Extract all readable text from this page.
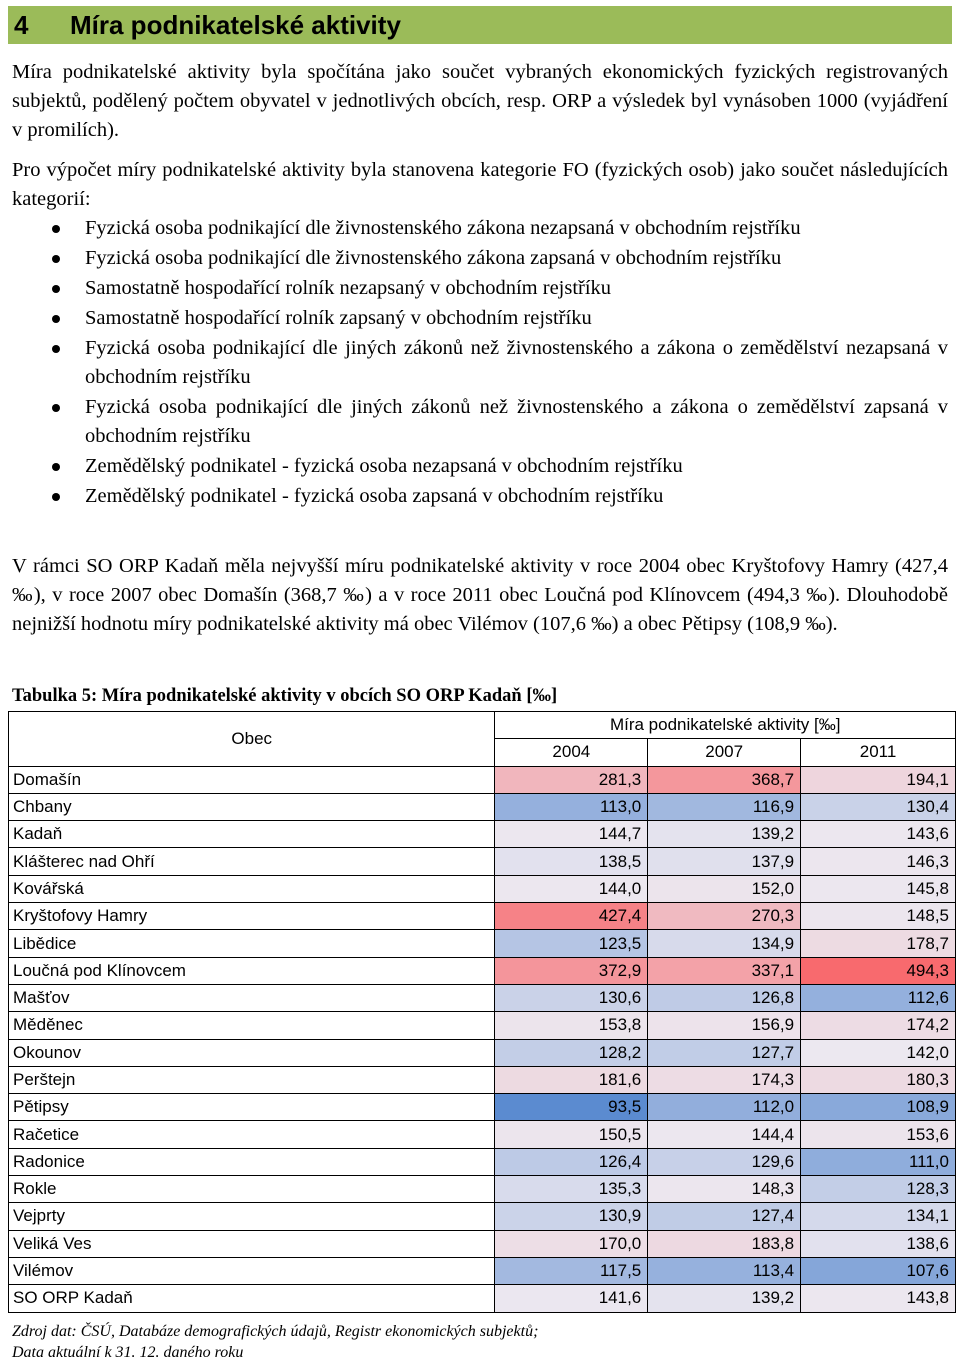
4	Míra podnikatelské aktivity
Míra podnikatelské aktivity byla spočítána jako součet vybraných ekonomických fyzických registrovaných subjektů, podělený počtem obyvatel v jednotlivých obcích, resp. ORP a výsledek byl vynásoben 1000 (vyjádření v promilích).
Pro výpočet míry podnikatelské aktivity byla stanovena kategorie FO (fyzických osob) jako součet následujících kategorií:
Fyzická osoba podnikající dle živnostenského zákona nezapsaná v obchodním rejstříku
Fyzická osoba podnikající dle živnostenského zákona zapsaná v obchodním rejstříku
Samostatně hospodařící rolník nezapsaný v obchodním rejstříku
Samostatně hospodařící rolník zapsaný v obchodním rejstříku
Fyzická osoba podnikající dle jiných zákonů než živnostenského a zákona o zemědělství nezapsaná v obchodním rejstříku
Fyzická osoba podnikající dle jiných zákonů než živnostenského a zákona o zemědělství zapsaná v obchodním rejstříku
Zemědělský podnikatel - fyzická osoba nezapsaná v obchodním rejstříku
Zemědělský podnikatel - fyzická osoba zapsaná v obchodním rejstříku
V rámci SO ORP Kadaň měla nejvyšší míru podnikatelské aktivity v roce 2004 obec Kryštofovy Hamry (427,4 ‰), v roce 2007 obec Domašín (368,7 ‰) a v roce 2011 obec Loučná pod Klínovcem (494,3 ‰). Dlouhodobě nejnižší hodnotu míry podnikatelské aktivity má obec Vilémov (107,6 ‰) a obec Pětipsy (108,9 ‰).
Tabulka 5: Míra podnikatelské aktivity v obcích SO ORP Kadaň [‰]
Obec	Míra podnikatelské aktivity [‰]		
	2004	2007	2011
Domašín	281,3	368,7	194,1
Chbany	113,0	116,9	130,4
Kadaň	144,7	139,2	143,6
Klášterec nad Ohří	138,5	137,9	146,3
Kovářská	144,0	152,0	145,8
Kryštofovy Hamry	427,4	270,3	148,5
Libědice	123,5	134,9	178,7
Loučná pod Klínovcem	372,9	337,1	494,3
Mašťov	130,6	126,8	112,6
Měděnec	153,8	156,9	174,2
Okounov	128,2	127,7	142,0
Perštejn	181,6	174,3	180,3
Pětipsy	93,5	112,0	108,9
Račetice	150,5	144,4	153,6
Radonice	126,4	129,6	111,0
Rokle	135,3	148,3	128,3
Vejprty	130,9	127,4	134,1
Veliká Ves	170,0	183,8	138,6
Vilémov	117,5	113,4	107,6
SO ORP Kadaň	141,6	139,2	143,8
Zdroj dat: ČSÚ, Databáze demografických údajů, Registr ekonomických subjektů;
Data aktuální k 31. 12. daného roku
